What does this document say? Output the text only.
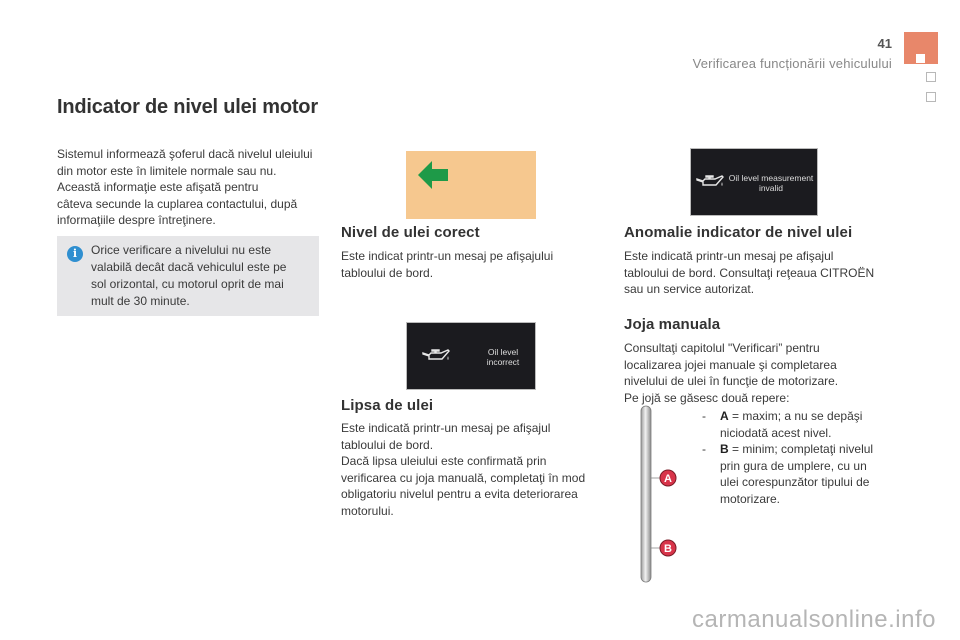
41
Verificarea funcționării vehiculului
Indicator de nivel ulei motor
Sistemul informează şoferul dacă nivelul uleiului
din motor este în limitele normale sau nu.
Această informaţie este afişată pentru
câteva secunde la cuplarea contactului, după
informaţiile despre întreţinere.
i	Orice verificare a nivelului nu este
valabilă decât dacă vehiculul este pe
sol orizontal, cu motorul oprit de mai
mult de 30 minute.
Oil level
incorrect
Oil level measurement
invalid
Nivel de ulei corect
Este indicat printr-un mesaj pe afişajului
tabloului de bord.
Lipsa de ulei
Este indicată printr-un mesaj pe afişajul
tabloului de bord.
Dacă lipsa uleiului este confirmată prin
verificarea cu joja manuală, completaţi în mod
obligatoriu nivelul pentru a evita deteriorarea
motorului.
Anomalie indicator de nivel ulei
Este indicată printr-un mesaj pe afişajul
tabloului de bord. Consultaţi reţeaua CITROËN
sau un service autorizat.
Joja manuala
Consultaţi capitolul "Verificari” pentru
localizarea jojei manuale şi completarea
nivelului de ulei în funcţie de motorizare.
Pe jojă se găsesc două repere:
- A = maxim; a nu se depăşi
niciodată acest nivel.
- B = minim; completaţi nivelul
prin gura de umplere, cu un
ulei corespunzător tipului de
motorizare.
A
B
carmanualsonline.info
